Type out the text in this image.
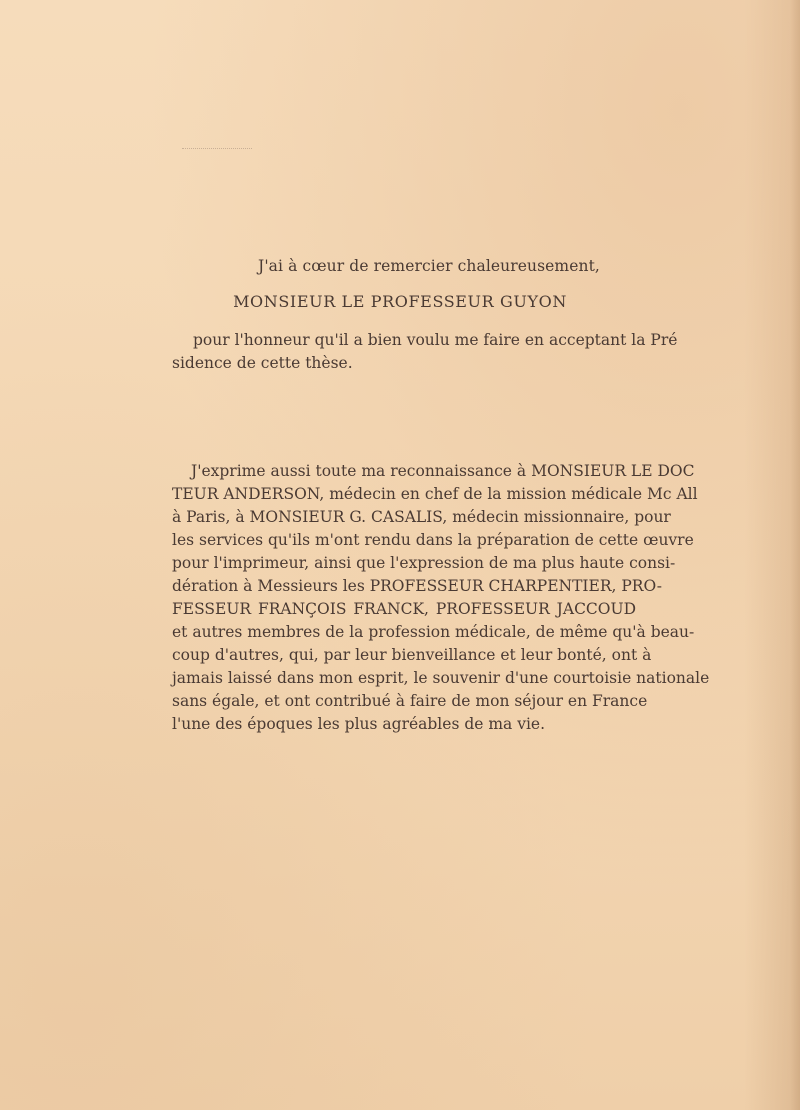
J'ai à cœur de remercier chaleureusement,
MONSIEUR LE PROFESSEUR GUYON
pour l'honneur qu'il a bien voulu me faire en acceptant la Pré
sidence de cette thèse.
J'exprime aussi toute ma reconnaissance à MONSIEUR LE DOC
TEUR ANDERSON, médecin en chef de la mission médicale Mc All
à Paris, à MONSIEUR G. CASALIS, médecin missionnaire, pour
les services qu'ils m'ont rendu dans la préparation de cette œuvre
pour l'imprimeur, ainsi que l'expression de ma plus haute consi-
dération à Messieurs les PROFESSEUR CHARPENTIER, PRO-
FESSEUR FRANÇOIS FRANCK, PROFESSEUR JACCOUD
et autres membres de la profession médicale, de même qu'à beau-
coup d'autres, qui, par leur bienveillance et leur bonté, ont à
jamais laissé dans mon esprit, le souvenir d'une courtoisie nationale
sans égale, et ont contribué à faire de mon séjour en France
l'une des époques les plus agréables de ma vie.
